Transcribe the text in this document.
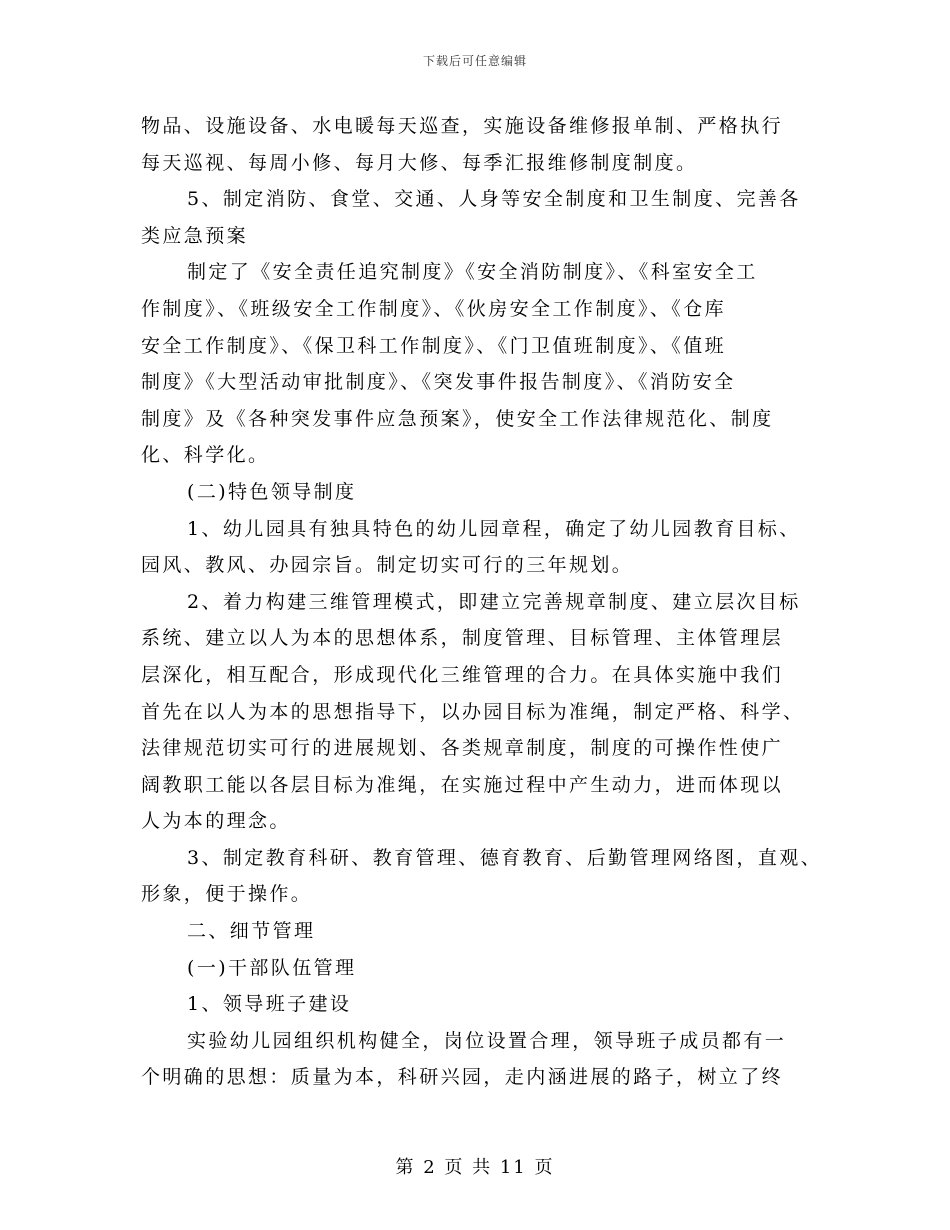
下载后可任意编辑
物品、设施设备、水电暖每天巡查，实施设备维修报单制、严格执行
每天巡视、每周小修、每月大修、每季汇报维修制度制度。
5、制定消防、食堂、交通、人身等安全制度和卫生制度、完善各
类应急预案
制定了《安全责任追究制度》《安全消防制度》、《科室安全工
作制度》、《班级安全工作制度》、《伙房安全工作制度》、《仓库
安全工作制度》、《保卫科工作制度》、《门卫值班制度》、《值班
制度》《大型活动审批制度》、《突发事件报告制度》、《消防安全
制度》及《各种突发事件应急预案》，使安全工作法律规范化、制度
化、科学化。
(二)特色领导制度
1、幼儿园具有独具特色的幼儿园章程，确定了幼儿园教育目标、
园风、教风、办园宗旨。制定切实可行的三年规划。
2、着力构建三维管理模式，即建立完善规章制度、建立层次目标
系统、建立以人为本的思想体系，制度管理、目标管理、主体管理层
层深化，相互配合，形成现代化三维管理的合力。在具体实施中我们
首先在以人为本的思想指导下，以办园目标为准绳，制定严格、科学、
法律规范切实可行的进展规划、各类规章制度，制度的可操作性使广
阔教职工能以各层目标为准绳，在实施过程中产生动力，进而体现以
人为本的理念。
3、制定教育科研、教育管理、德育教育、后勤管理网络图，直观、
形象，便于操作。
二、细节管理
(一)干部队伍管理
1、领导班子建设
实验幼儿园组织机构健全，岗位设置合理，领导班子成员都有一
个明确的思想：质量为本，科研兴园，走内涵进展的路子，树立了终
第 2 页 共 11 页
